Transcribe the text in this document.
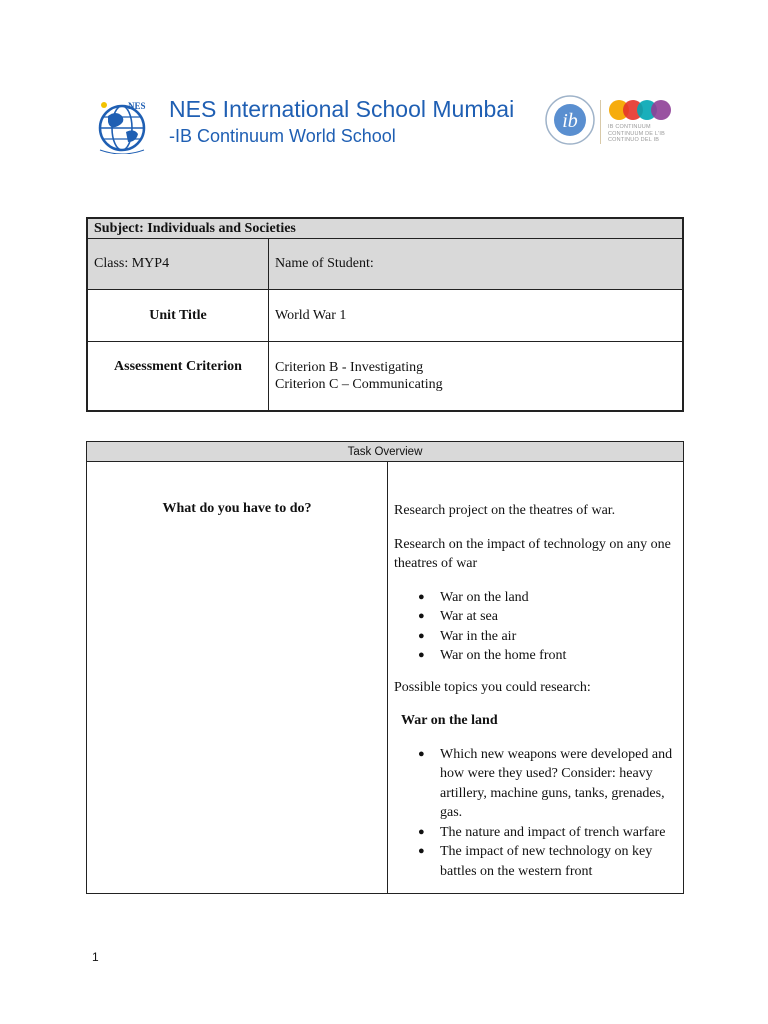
NES NES International School Mumbai
-IB Continuum World School
ib	IB CONTINUUM
CONTINUUM DE L'IB
CONTINUO DEL IB
Subject: Individuals and Societies	
Class: MYP4	Name of Student:
Unit Title	World War 1
Assessment Criterion	Criterion B - Investigating
Criterion C – Communicating
Task Overview
What do you have to do?	Research project on the theatres of war.

Research on the impact of technology on any one theatres of war

● War on the land
● War at sea
● War in the air
● War on the home front

Possible topics you could research:

War on the land

● Which new weapons were developed and how were they used? Consider: heavy artillery, machine guns, tanks, grenades, gas.
● The nature and impact of trench warfare
● The impact of new technology on key battles on the western front
1
